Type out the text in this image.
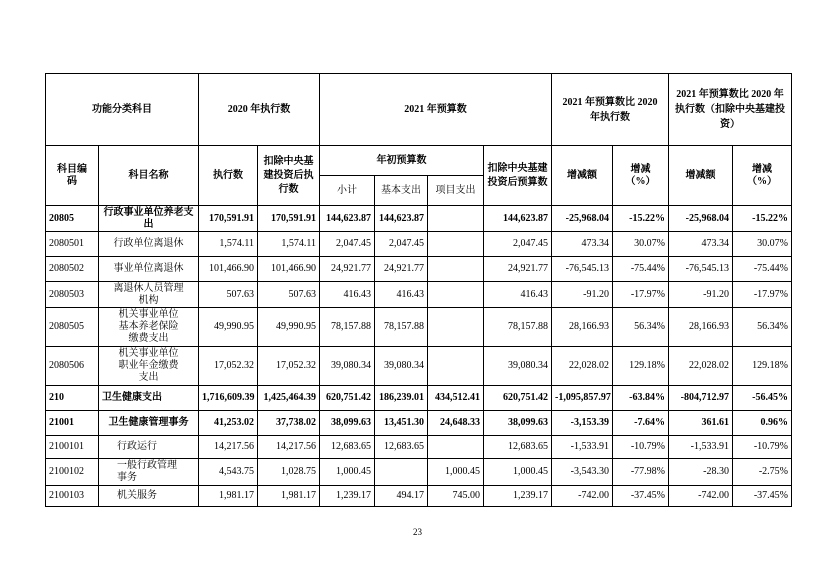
功能分类科目		2020 年执行数		2021 年预算数				2021 年预算数比 2020 年执行数		2021 年预算数比 2020 年执行数（扣除中央基建投资）	
科目编码	科目名称	执行数	扣除中央基建投资后执行数	年初预算数			扣除中央基建投资后预算数	增减额	增减（%）	增减额	增减（%）
				小计	基本支出	项目支出					
20805	行政事业单位养老支出	170,591.91	170,591.91	144,623.87	144,623.87		144,623.87	-25,968.04	-15.22%	-25,968.04	-15.22%
2080501	行政单位离退休	1,574.11	1,574.11	2,047.45	2,047.45		2,047.45	473.34	30.07%	473.34	30.07%
2080502	事业单位离退休	101,466.90	101,466.90	24,921.77	24,921.77		24,921.77	-76,545.13	-75.44%	-76,545.13	-75.44%
2080503	离退休人员管理机构	507.63	507.63	416.43	416.43		416.43	-91.20	-17.97%	-91.20	-17.97%
2080505	机关事业单位基本养老保险缴费支出	49,990.95	49,990.95	78,157.88	78,157.88		78,157.88	28,166.93	56.34%	28,166.93	56.34%
2080506	机关事业单位职业年金缴费支出	17,052.32	17,052.32	39,080.34	39,080.34		39,080.34	22,028.02	129.18%	22,028.02	129.18%
210	卫生健康支出	1,716,609.39	1,425,464.39	620,751.42	186,239.01	434,512.41	620,751.42	-1,095,857.97	-63.84%	-804,712.97	-56.45%
21001	卫生健康管理事务	41,253.02	37,738.02	38,099.63	13,451.30	24,648.33	38,099.63	-3,153.39	-7.64%	361.61	0.96%
2100101	行政运行	14,217.56	14,217.56	12,683.65	12,683.65		12,683.65	-1,533.91	-10.79%	-1,533.91	-10.79%
2100102	一般行政管理事务	4,543.75	1,028.75	1,000.45		1,000.45	1,000.45	-3,543.30	-77.98%	-28.30	-2.75%
2100103	机关服务	1,981.17	1,981.17	1,239.17	494.17	745.00	1,239.17	-742.00	-37.45%	-742.00	-37.45%
23
